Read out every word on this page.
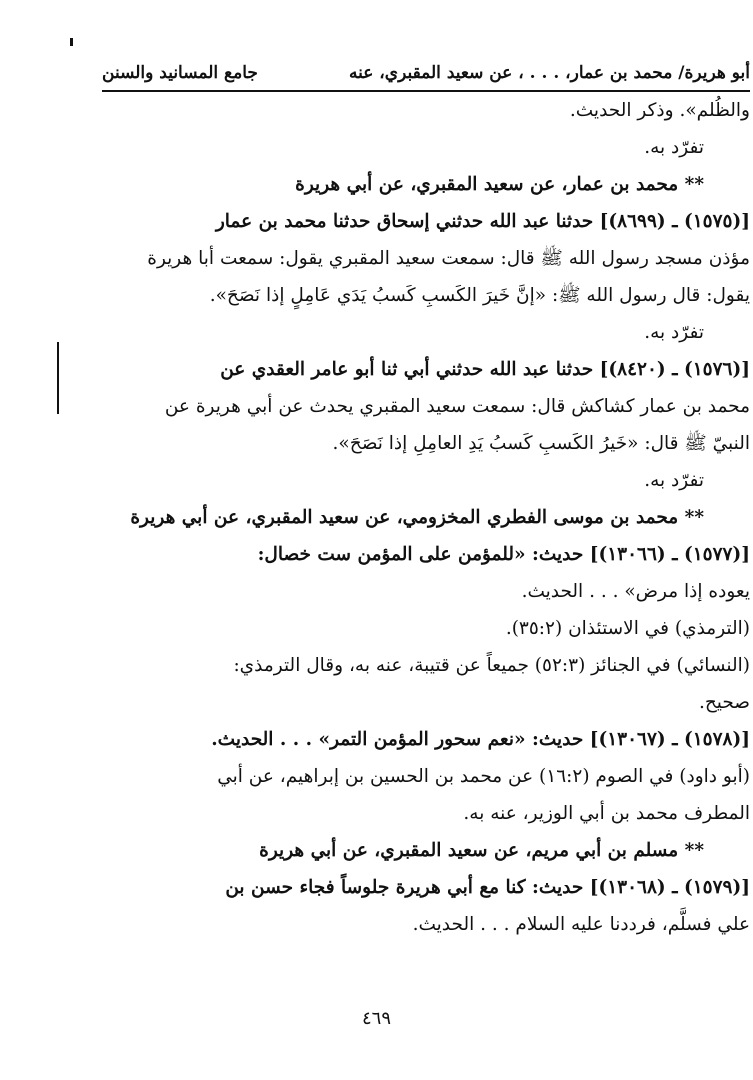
أبو هريرة/ محمد بن عمار، . . . ، عن سعيد المقبري، عنه
جامع المسانيد والسنن

والظُلم». وذكر الحديث.

تفرّد به.

** محمد بن عمار، عن سعيد المقبري، عن أبي هريرة

[(١٥٧٥) ـ (٨٦٩٩)] حدثنا عبد الله حدثني إسحاق حدثنا محمد بن عمار

مؤذن مسجد رسول الله ﷺ قال: سمعت سعيد المقبري يقول: سمعت أبا هريرة

يقول: قال رسول الله ﷺ: «إنَّ خَيرَ الكَسبِ كَسبُ يَدَي عَامِلٍ إذا نَصَحَ».

تفرّد به.

[(١٥٧٦) ـ (٨٤٢٠)] حدثنا عبد الله حدثني أبي ثنا أبو عامر العقدي عن

محمد بن عمار كشاكش قال: سمعت سعيد المقبري يحدث عن أبي هريرة عن

النبيّ ﷺ قال: «خَيرُ الكَسبِ كَسبُ يَدِ العامِلِ إذا نَصَحَ».

تفرّد به.

** محمد بن موسى الفطري المخزومي، عن سعيد المقبري، عن أبي هريرة

[(١٥٧٧) ـ (١٣٠٦٦)] حديث: «للمؤمن على المؤمن ست خصال:

يعوده إذا مرض» . . . الحديث.

(الترمذي) في الاستئذان (٣٥:٢).

(النسائي) في الجنائز (٥٢:٣) جميعاً عن قتيبة، عنه به، وقال الترمذي:

صحيح.

[(١٥٧٨) ـ (١٣٠٦٧)] حديث: «نعم سحور المؤمن التمر» . . . الحديث.

(أبو داود) في الصوم (١٦:٢) عن محمد بن الحسين بن إبراهيم، عن أبي

المطرف محمد بن أبي الوزير، عنه به.

** مسلم بن أبي مريم، عن سعيد المقبري، عن أبي هريرة

[(١٥٧٩) ـ (١٣٠٦٨)] حديث: كنا مع أبي هريرة جلوساً فجاء حسن بن

علي فسلَّم، فرددنا عليه السلام . . . الحديث.

٤٦٩
